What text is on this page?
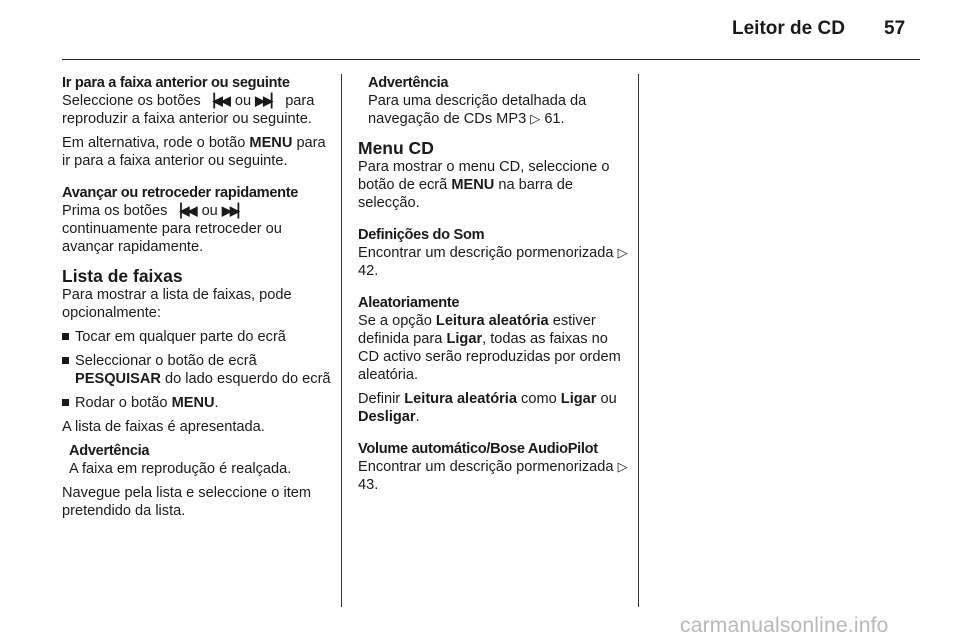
Leitor de CD 57
Ir para a faixa anterior ou seguinte

Seleccione os botões ▕◀◀ ou ▶▶▏ para reproduzir a faixa anterior ou seguinte.

Em alternativa, rode o botão MENU para ir para a faixa anterior ou seguinte.

Avançar ou retroceder rapidamente

Prima os botões ▕◀◀ ou ▶▶▏ continuamente para retroceder ou avançar rapidamente.

Lista de faixas

Para mostrar a lista de faixas, pode opcionalmente:

Tocar em qualquer parte do ecrã
Seleccionar o botão de ecrã PESQUISAR do lado esquerdo do ecrã
Rodar o botão MENU.

A lista de faixas é apresentada.

Advertência
A faixa em reprodução é realçada.

Navegue pela lista e seleccione o item pretendido da lista.

Advertência
Para uma descrição detalhada da navegação de CDs MP3 ▷ 61.
Menu CD

Para mostrar o menu CD, seleccione o botão de ecrã MENU na barra de selecção.

Definições do Som

Encontrar um descrição pormenorizada ▷ 42.

Aleatoriamente

Se a opção Leitura aleatória estiver definida para Ligar, todas as faixas no CD activo serão reproduzidas por ordem aleatória.

Definir Leitura aleatória como Ligar ou Desligar.

Volume automático/Bose AudioPilot

Encontrar um descrição pormenorizada ▷ 43.

carmanualsonline.info
